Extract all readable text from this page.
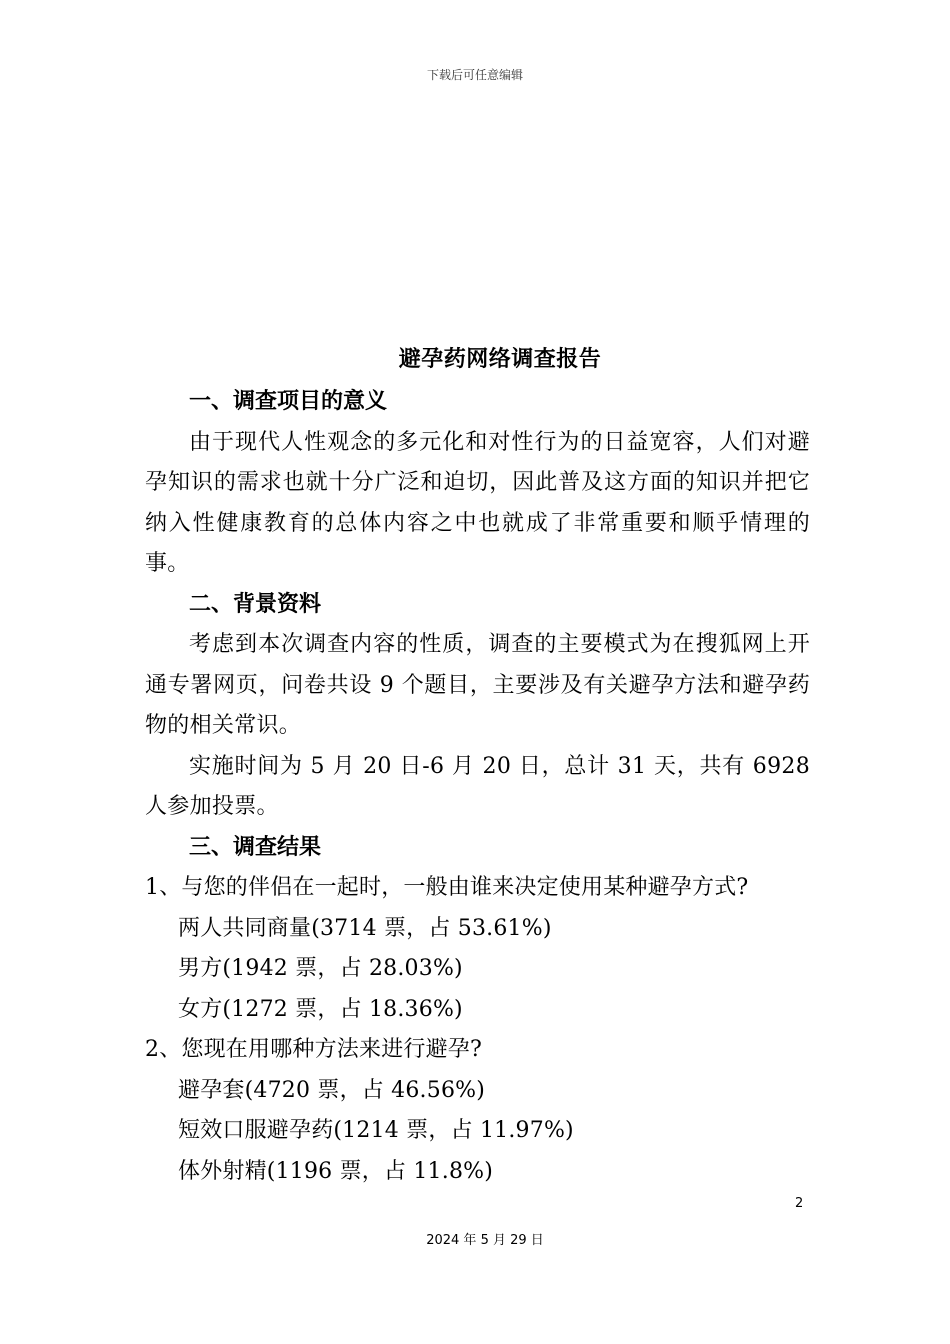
下载后可任意编辑
避孕药网络调查报告

一、调查项目的意义

由于现代人性观念的多元化和对性行为的日益宽容，人们对避孕知识的需求也就十分广泛和迫切，因此普及这方面的知识并把它纳入性健康教育的总体内容之中也就成了非常重要和顺乎情理的事。

二、背景资料

考虑到本次调查内容的性质，调查的主要模式为在搜狐网上开通专署网页，问卷共设 9 个题目，主要涉及有关避孕方法和避孕药物的相关常识。

实施时间为 5 月 20 日-6 月 20 日，总计 31 天，共有 6928 人参加投票。

三、调查结果

1、与您的伴侣在一起时，一般由谁来决定使用某种避孕方式?

两人共同商量(3714 票，占 53.61%)

男方(1942 票，占 28.03%)

女方(1272 票，占 18.36%)

2、您现在用哪种方法来进行避孕?

避孕套(4720 票，占 46.56%)

短效口服避孕药(1214 票，占 11.97%)

体外射精(1196 票，占 11.8%)

2
2024 年 5 月 29 日
